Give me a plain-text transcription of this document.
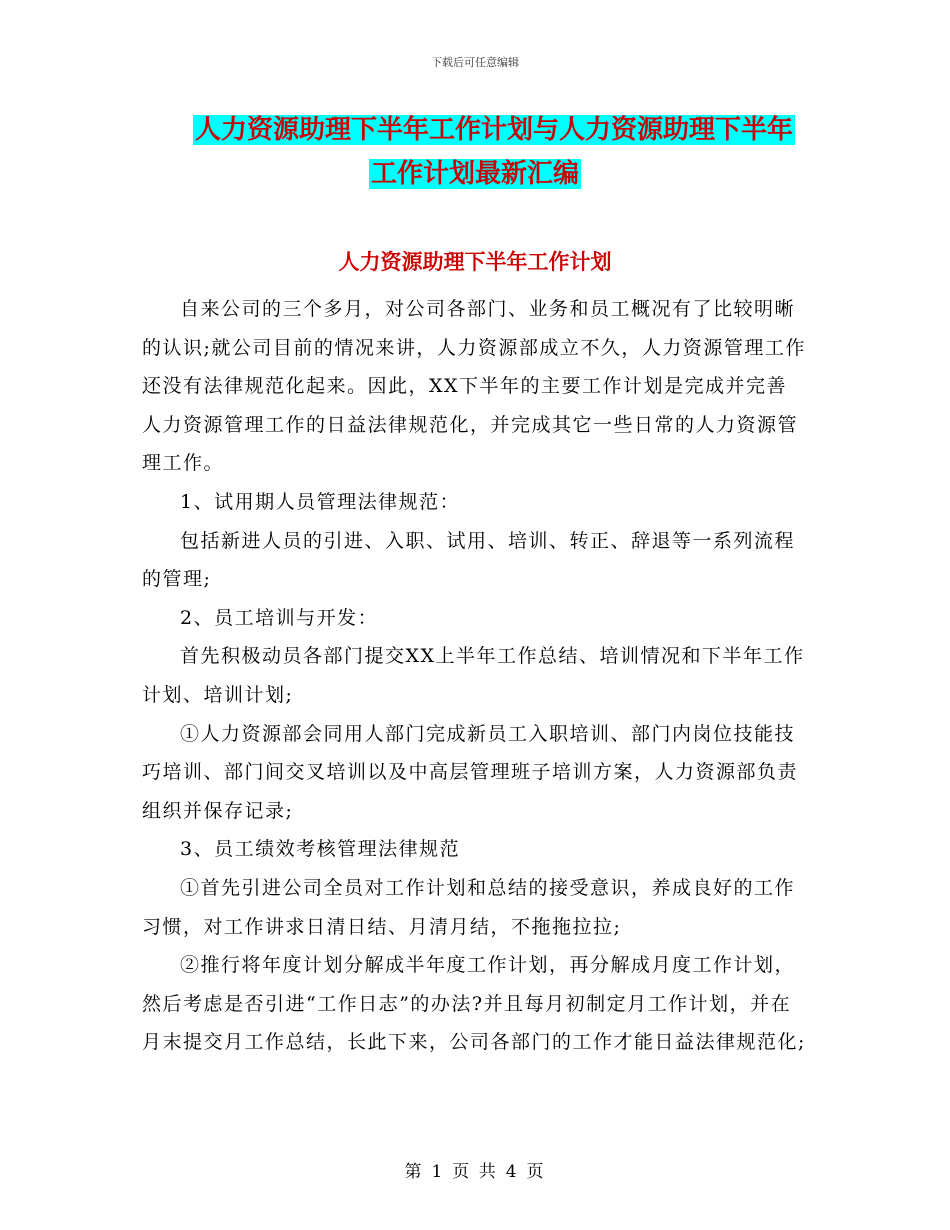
下载后可任意编辑
人力资源助理下半年工作计划与人力资源助理下半年
工作计划最新汇编
人力资源助理下半年工作计划

自来公司的三个多月，对公司各部门、业务和员工概况有了比较明晰的认识;就公司目前的情况来讲，人力资源部成立不久，人力资源管理工作还没有法律规范化起来。因此，XX下半年的主要工作计划是完成并完善人力资源管理工作的日益法律规范化，并完成其它一些日常的人力资源管理工作。

1、试用期人员管理法律规范：

包括新进人员的引进、入职、试用、培训、转正、辞退等一系列流程的管理;

2、员工培训与开发：

首先积极动员各部门提交XX上半年工作总结、培训情况和下半年工作计划、培训计划;

①人力资源部会同用人部门完成新员工入职培训、部门内岗位技能技巧培训、部门间交叉培训以及中高层管理班子培训方案，人力资源部负责组织并保存记录;

3、员工绩效考核管理法律规范

①首先引进公司全员对工作计划和总结的接受意识，养成良好的工作习惯，对工作讲求日清日结、月清月结，不拖拖拉拉;

②推行将年度计划分解成半年度工作计划，再分解成月度工作计划，然后考虑是否引进“工作日志”的办法?并且每月初制定月工作计划，并在月末提交月工作总结，长此下来，公司各部门的工作才能日益法律规范化;

第 1 页 共 4 页
